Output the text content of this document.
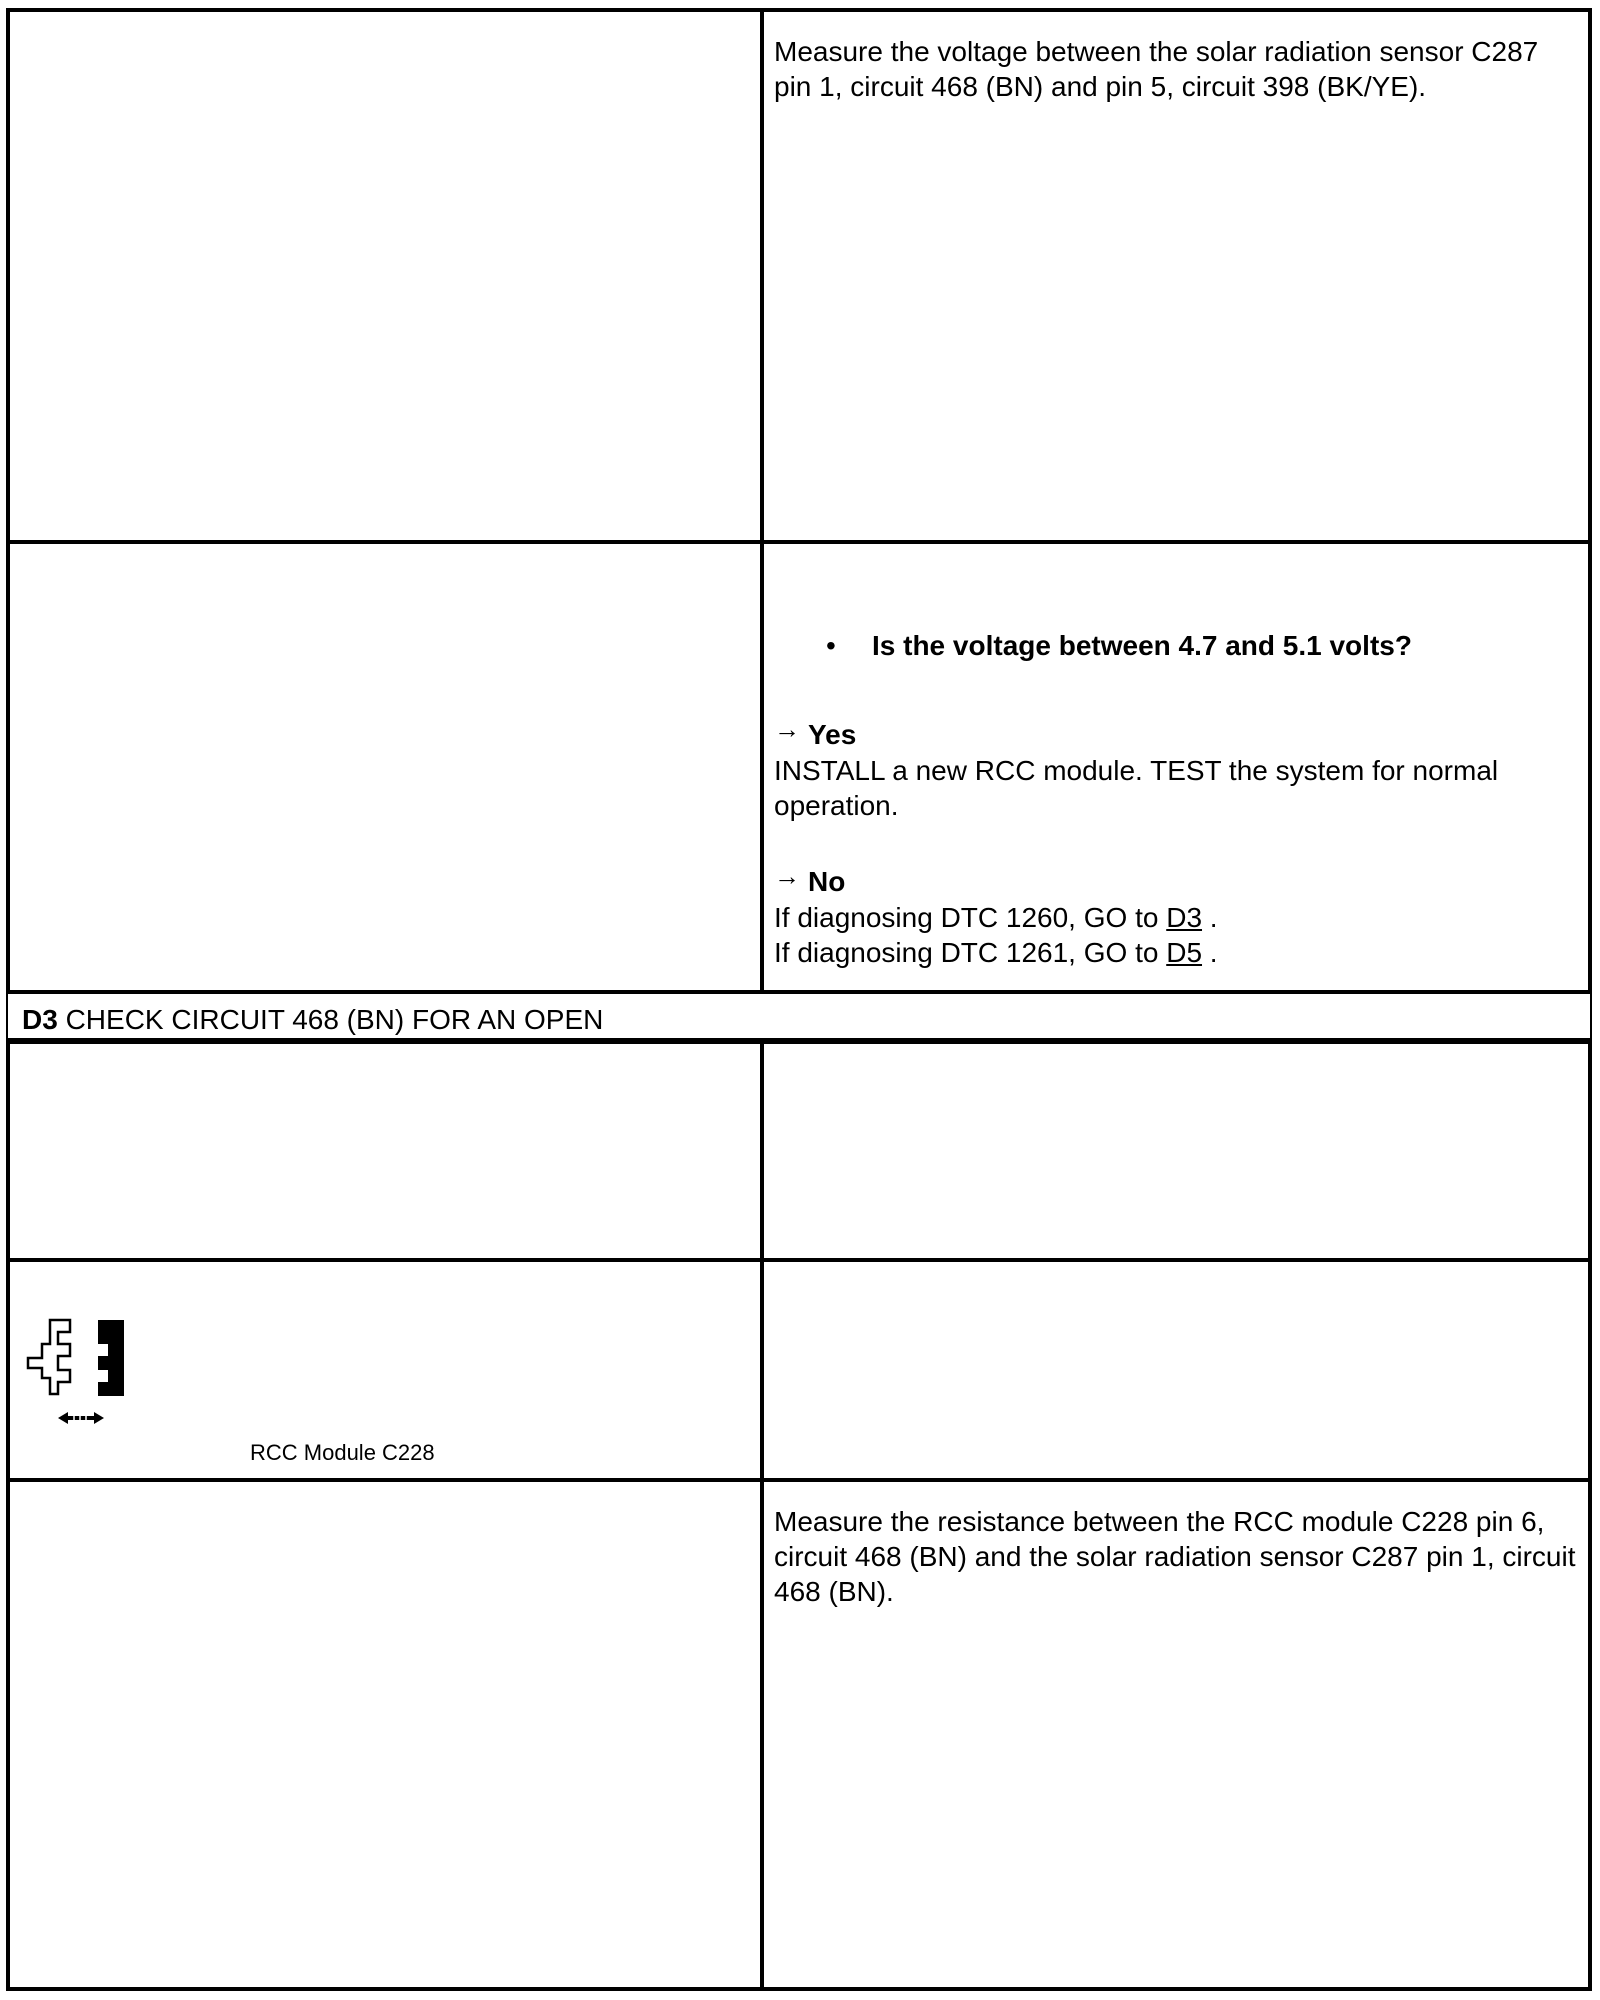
Measure the voltage between the solar radiation sensor C287 pin 1, circuit 468 (BN) and pin 5, circuit 398 (BK/YE).
• Is the voltage between 4.7 and 5.1 volts?
→ Yes
INSTALL a new RCC module. TEST the system for normal operation.
→ No
If diagnosing DTC 1260, GO to D3 .
If diagnosing DTC 1261, GO to D5 .
D3 CHECK CIRCUIT 468 (BN) FOR AN OPEN
RCC Module C228
Measure the resistance between the RCC module C228 pin 6, circuit 468 (BN) and the solar radiation sensor C287 pin 1, circuit 468 (BN).
